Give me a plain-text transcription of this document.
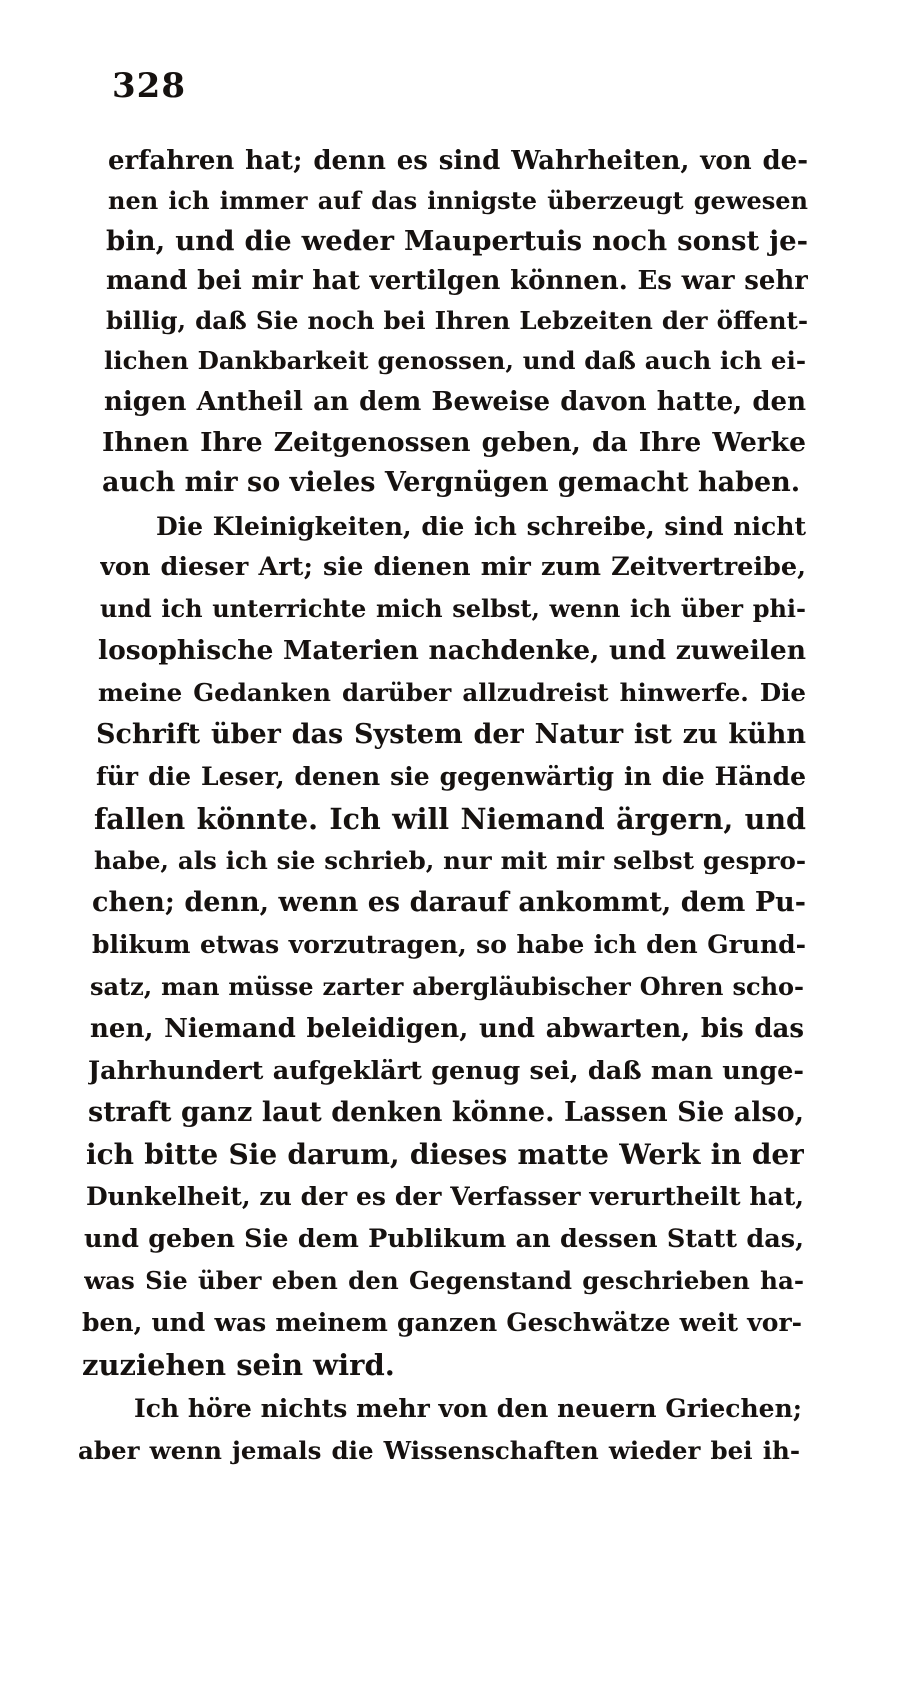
328
erfahren hat; denn es sind Wahrheiten, von de-
nen ich immer auf das innigste überzeugt gewesen
bin, und die weder Maupertuis noch sonst je-
mand bei mir hat vertilgen können. Es war sehr
billig, daß Sie noch bei Ihren Lebzeiten der öffent-
lichen Dankbarkeit genossen, und daß auch ich ei-
nigen Antheil an dem Beweise davon hatte, den
Ihnen Ihre Zeitgenossen geben, da Ihre Werke
auch mir so vieles Vergnügen gemacht haben.
Die Kleinigkeiten, die ich schreibe, sind nicht
von dieser Art; sie dienen mir zum Zeitvertreibe,
und ich unterrichte mich selbst, wenn ich über phi-
losophische Materien nachdenke, und zuweilen
meine Gedanken darüber allzudreist hinwerfe. Die
Schrift über das System der Natur ist zu kühn
für die Leser, denen sie gegenwärtig in die Hände
fallen könnte. Ich will Niemand ärgern, und
habe, als ich sie schrieb, nur mit mir selbst gespro-
chen; denn, wenn es darauf ankommt, dem Pu-
blikum etwas vorzutragen, so habe ich den Grund-
satz, man müsse zarter abergläubischer Ohren scho-
nen, Niemand beleidigen, und abwarten, bis das
Jahrhundert aufgeklärt genug sei, daß man unge-
straft ganz laut denken könne. Lassen Sie also,
ich bitte Sie darum, dieses matte Werk in der
Dunkelheit, zu der es der Verfasser verurtheilt hat,
und geben Sie dem Publikum an dessen Statt das,
was Sie über eben den Gegenstand geschrieben ha-
ben, und was meinem ganzen Geschwätze weit vor-
zuziehen sein wird.
Ich höre nichts mehr von den neuern Griechen;
aber wenn jemals die Wissenschaften wieder bei ih-
